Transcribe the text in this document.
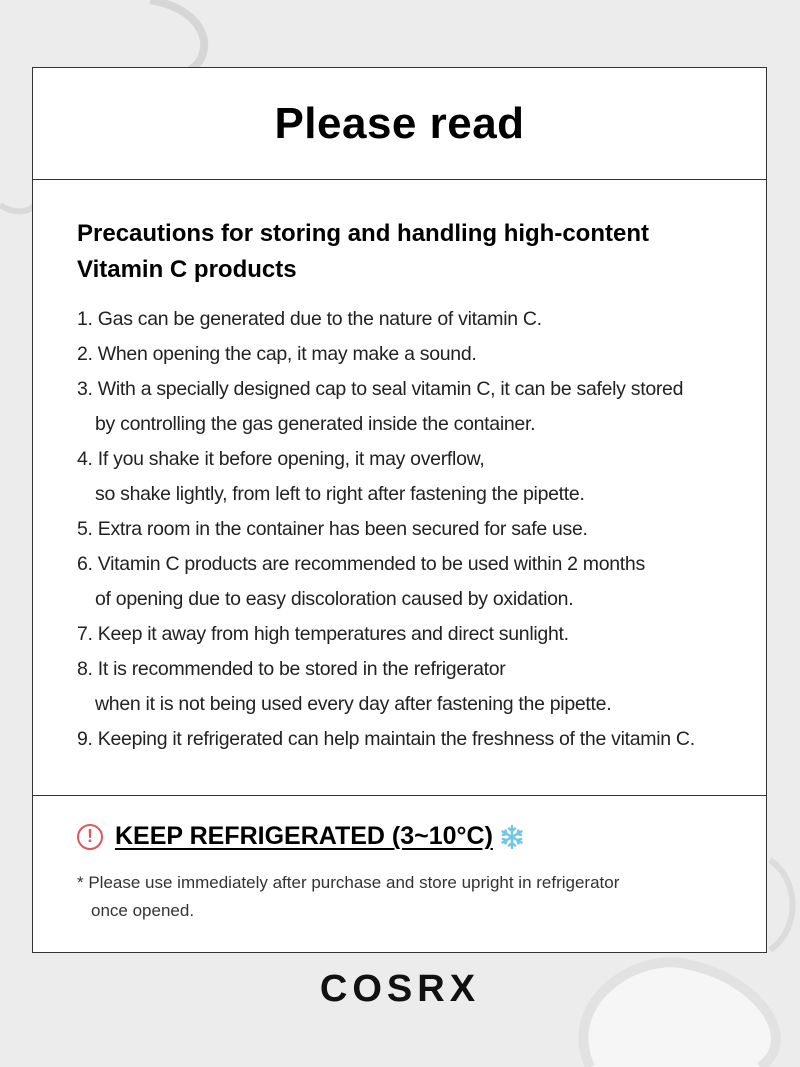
Please read
Precautions for storing and handling high-content
Vitamin C products
1. Gas can be generated due to the nature of vitamin C.
2. When opening the cap, it may make a sound.
3. With a specially designed cap to seal vitamin C, it can be safely stored
by controlling the gas generated inside the container.
4. If you shake it before opening, it may overflow,
so shake lightly, from left to right after fastening the pipette.
5. Extra room in the container has been secured for safe use.
6. Vitamin C products are recommended to be used within 2 months
of opening due to easy discoloration caused by oxidation.
7. Keep it away from high temperatures and direct sunlight.
8. It is recommended to be stored in the refrigerator
when it is not being used every day after fastening the pipette.
9. Keeping it refrigerated can help maintain the freshness of the vitamin C.
! KEEP REFRIGERATED (3~10°C)
* Please use immediately after purchase and store upright in refrigerator
once opened.
COSRX
